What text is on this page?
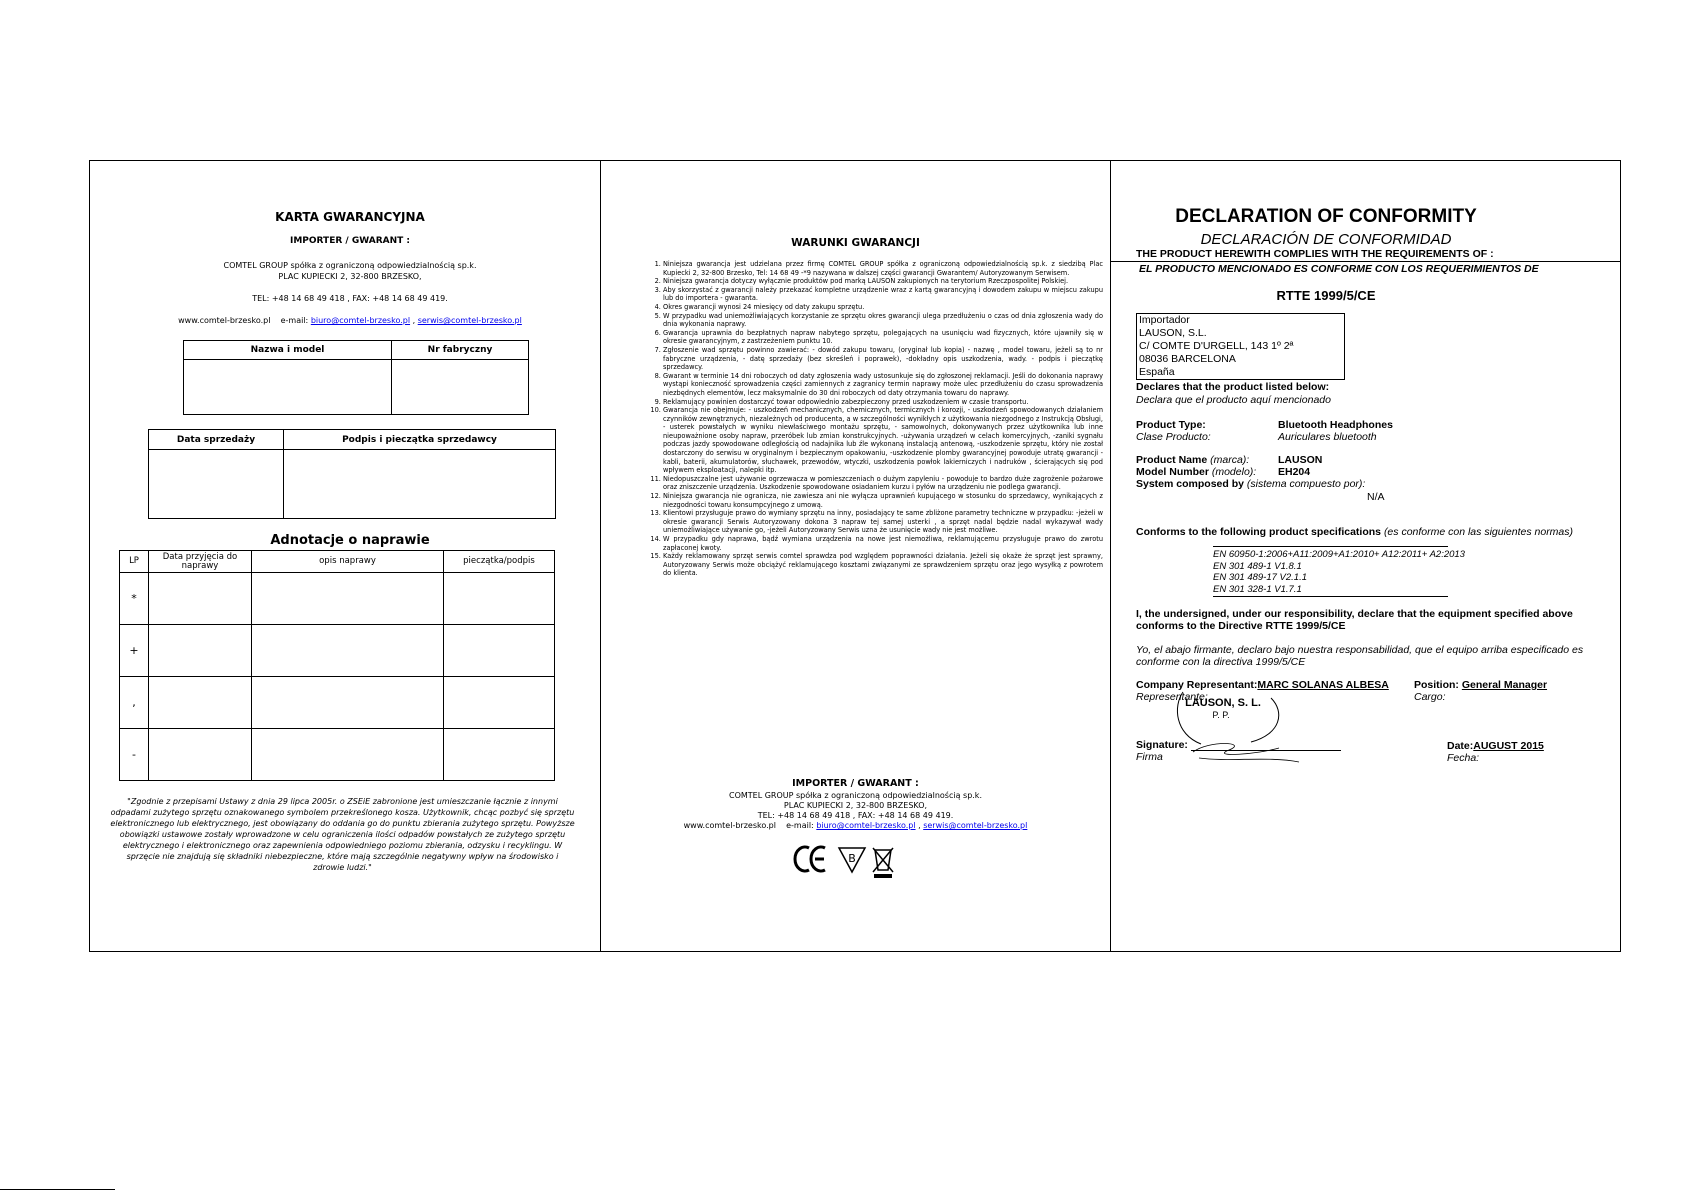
KARTA GWARANCYJNA
IMPORTER / GWARANT :
COMTEL GROUP spółka z ograniczoną odpowiedzialnością sp.k.
PLAC KUPIECKI 2, 32-800 BRZESKO,
TEL: +48 14 68 49 418 , FAX: +48 14 68 49 419.
www.comtel-brzesko.pl e-mail: biuro@comtel-brzesko.pl , serwis@comtel-brzesko.pl
Nazwa i model	Nr fabryczny

Data sprzedaży	Podpis i pieczątka sprzedawcy

Adnotacje o naprawie
LP	Data przyjęcia do naprawy	opis naprawy	pieczątka/podpis
*			
+			
,			
-			
"Zgodnie z przepisami Ustawy z dnia 29 lipca 2005r. o ZSEiE zabronione jest umieszczanie łącznie z innymi odpadami zużytego sprzętu oznakowanego symbolem przekreślonego kosza. Użytkownik, chcąc pozbyć się sprzętu elektronicznego lub elektrycznego, jest obowiązany do oddania go do punktu zbierania zużytego sprzętu. Powyższe obowiązki ustawowe zostały wprowadzone w celu ograniczenia ilości odpadów powstałych ze zużytego sprzętu elektrycznego i elektronicznego oraz zapewnienia odpowiedniego poziomu zbierania, odzysku i recyklingu. W sprzęcie nie znajdują się składniki niebezpieczne, które mają szczególnie negatywny wpływ na środowisko i zdrowie ludzi."
WARUNKI GWARANCJI
1. Niniejsza gwarancja jest udzielana przez firmę COMTEL GROUP spółka z ograniczoną odpowiedzialnością sp.k. z siedzibą Plac Kupiecki 2, 32-800 Brzesko, Tel: 14 68 49 -*9 nazywana w dalszej części gwarancji Gwarantem/ Autoryzowanym Serwisem.
2. Niniejsza gwarancja dotyczy wyłącznie produktów pod marką LAUSON zakupionych na terytorium Rzeczpospolitej Polskiej.
3. Aby skorzystać z gwarancji należy przekazać kompletne urządzenie wraz z kartą gwarancyjną i dowodem zakupu w miejscu zakupu lub do importera - gwaranta.
4. Okres gwarancji wynosi 24 miesięcy od daty zakupu sprzętu.
5. W przypadku wad uniemożliwiających korzystanie ze sprzętu okres gwarancji ulega przedłużeniu o czas od dnia zgłoszenia wady do dnia wykonania naprawy.
6. Gwarancja uprawnia do bezpłatnych napraw nabytego sprzętu, polegających na usunięciu wad fizycznych, które ujawniły się w okresie gwarancyjnym, z zastrzeżeniem punktu 10.
7. Zgłoszenie wad sprzętu powinno zawierać: - dowód zakupu towaru, (oryginał lub kopia) - nazwę , model towaru, jeżeli są to nr fabryczne urządzenia, - datę sprzedaży (bez skreśleń i poprawek), -dokładny opis uszkodzenia, wady. - podpis i pieczątkę sprzedawcy.
8. Gwarant w terminie 14 dni roboczych od daty zgłoszenia wady ustosunkuje się do zgłoszonej reklamacji. Jeśli do dokonania naprawy wystąpi konieczność sprowadzenia części zamiennych z zagranicy termin naprawy może ulec przedłużeniu do czasu sprowadzenia niezbędnych elementów, lecz maksymalnie do 30 dni roboczych od daty otrzymania towaru do naprawy.
9. Reklamujący powinien dostarczyć towar odpowiednio zabezpieczony przed uszkodzeniem w czasie transportu.
10. Gwarancja nie obejmuje: - uszkodzeń mechanicznych, chemicznych, termicznych i korozji, - uszkodzeń spowodowanych działaniem czynników zewnętrznych, niezależnych od producenta, a w szczególności wynikłych z użytkowania niezgodnego z Instrukcją Obsługi, - usterek powstałych w wyniku niewłaściwego montażu sprzętu, - samowolnych, dokonywanych przez użytkownika lub inne nieupoważnione osoby napraw, przeróbek lub zmian konstrukcyjnych. -używania urządzeń w celach komercyjnych, -zaniki sygnału podczas jazdy spowodowane odległością od nadajnika lub źle wykonaną instalacją antenową, -uszkodzenie sprzętu, który nie został dostarczony do serwisu w oryginalnym i bezpiecznym opakowaniu, -uszkodzenie plomby gwarancyjnej powoduje utratę gwarancji -kabli, baterii, akumulatorów, słuchawek, przewodów, wtyczki, uszkodzenia powłok lakierniczych i nadruków , ścierających się pod wpływem eksploatacji, nalepki itp.
11. Niedopuszczalne jest używanie ogrzewacza w pomieszczeniach o dużym zapyleniu - powoduje to bardzo duże zagrożenie pożarowe oraz zniszczenie urządzenia. Uszkodzenie spowodowane osiadaniem kurzu i pyłów na urządzeniu nie podlega gwarancji.
12. Niniejsza gwarancja nie ogranicza, nie zawiesza ani nie wyłącza uprawnień kupującego w stosunku do sprzedawcy, wynikających z niezgodności towaru konsumpcyjnego z umową.
13. Klientowi przysługuje prawo do wymiany sprzętu na inny, posiadający te same zbliżone parametry techniczne w przypadku: -jeżeli w okresie gwarancji Serwis Autoryzowany dokona 3 napraw tej samej usterki , a sprzęt nadal będzie nadal wykazywał wady uniemożliwiające używanie go, -jeżeli Autoryzowany Serwis uzna że usunięcie wady nie jest możliwe.
14. W przypadku gdy naprawa, bądź wymiana urządzenia na nowe jest niemożliwa, reklamującemu przysługuje prawo do zwrotu zapłaconej kwoty.
15. Każdy reklamowany sprzęt serwis comtel sprawdza pod względem poprawności działania. Jeżeli się okaże że sprzęt jest sprawny, Autoryzowany Serwis może obciążyć reklamującego kosztami związanymi ze sprawdzeniem sprzętu oraz jego wysyłką z powrotem do klienta.
IMPORTER / GWARANT :
COMTEL GROUP spółka z ograniczoną odpowiedzialnością sp.k.
PLAC KUPIECKI 2, 32-800 BRZESKO,
TEL: +48 14 68 49 418 , FAX: +48 14 68 49 419.
www.comtel-brzesko.pl e-mail: biuro@comtel-brzesko.pl , serwis@comtel-brzesko.pl
B
DECLARATION OF CONFORMITY
DECLARACIÓN DE CONFORMIDAD
THE PRODUCT HEREWITH COMPLIES WITH THE REQUIREMENTS OF :
EL PRODUCTO MENCIONADO ES CONFORME CON LOS REQUERIMIENTOS DE
RTTE 1999/5/CE
Importador
LAUSON, S.L.
C/ COMTE D'URGELL, 143 1º 2ª
08036 BARCELONA
España
Declares that the product listed below:
Declara que el producto aquí mencionado
Product Type:	Bluetooth Headphones
Clase Producto:	Auriculares bluetooth
Product Name (marca):	LAUSON
Model Number (modelo): EH204
System composed by (sistema compuesto por):
N/A
Conforms to the following product specifications (es conforme con las siguientes normas)
EN 60950-1:2006+A11:2009+A1:2010+ A12:2011+ A2:2013
EN 301 489-1 V1.8.1
EN 301 489-17 V2.1.1
EN 301 328-1 V1.7.1
I, the undersigned, under our responsibility, declare that the equipment specified above conforms to the Directive RTTE 1999/5/CE
Yo, el abajo firmante, declaro bajo nuestra responsabilidad, que el equipo arriba especificado es conforme con la directiva 1999/5/CE
Company Representant:MARC SOLANAS ALBESA
Representante:
Position: General Manager
Cargo:
LAUSON, S. L.
P. P.
Signature:
Firma
Date:AUGUST 2015
Fecha:
